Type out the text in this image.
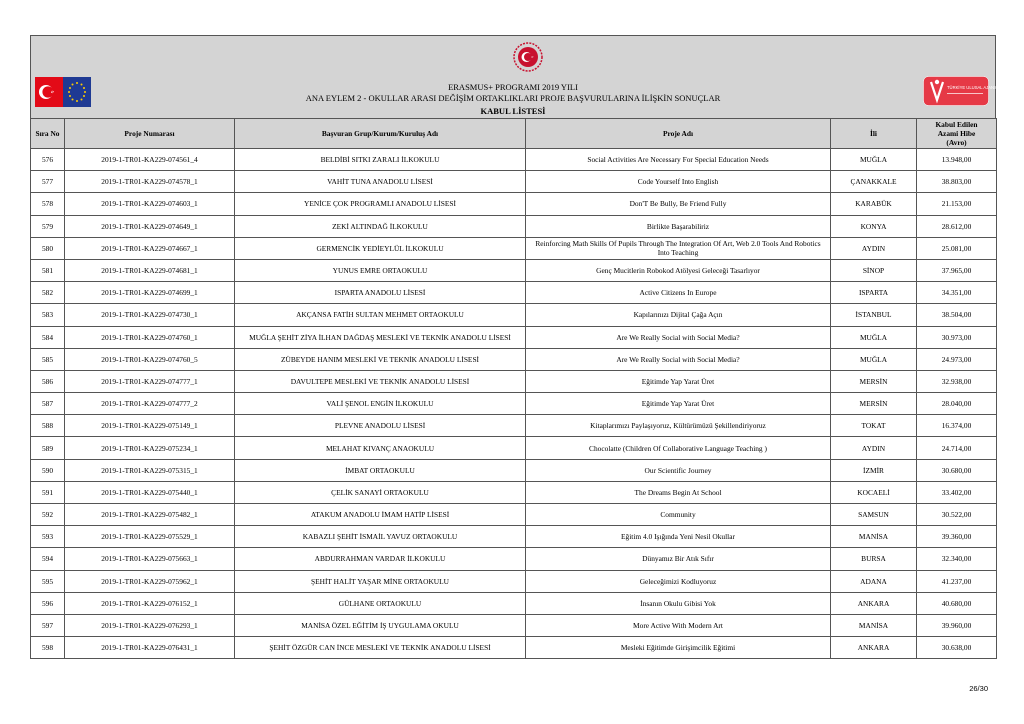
TÜRKİYE ULUSAL AJANSI
ERASMUS+ PROGRAMI 2019 YILI
ANA EYLEM 2 - OKULLAR ARASI DEĞİŞİM ORTAKLIKLARI PROJE BAŞVURULARINA İLİŞKİN SONUÇLAR
KABUL LİSTESİ
Sıra No	Proje Numarası	Başvuran Grup/Kurum/Kuruluş Adı	Proje Adı	İli	Kabul Edilen
Azami Hibe
(Avro)

576	2019-1-TR01-KA229-074561_4	BELDİBİ SITKI ZARALI İLKOKULU	Social Activities Are Necessary For Special Education Needs	MUĞLA	13.948,00
577	2019-1-TR01-KA229-074578_1	VAHİT TUNA ANADOLU LİSESİ	Code Yourself Into English	ÇANAKKALE	38.803,00
578	2019-1-TR01-KA229-074603_1	YENİCE ÇOK PROGRAMLI ANADOLU LİSESİ	Don'T Be Bully, Be Friend Fully	KARABÜK	21.153,00
579	2019-1-TR01-KA229-074649_1	ZEKİ ALTINDAĞ İLKOKULU	Birlikte Başarabiliriz	KONYA	28.612,00
580	2019-1-TR01-KA229-074667_1	GERMENCİK YEDİEYLÜL İLKOKULU	Reinforcing Math Skills Of Pupils Through The Integration Of Art, Web 2.0 Tools And Robotics Into Teaching	AYDIN	25.081,00
581	2019-1-TR01-KA229-074681_1	YUNUS EMRE ORTAOKULU	Genç Mucitlerin Robokod Atölyesi Geleceği Tasarlıyor	SİNOP	37.965,00
582	2019-1-TR01-KA229-074699_1	ISPARTA ANADOLU LİSESİ	Active Citizens In Europe	ISPARTA	34.351,00
583	2019-1-TR01-KA229-074730_1	AKÇANSA FATİH SULTAN MEHMET ORTAOKULU	Kapılarınızı Dijital Çağa Açın	İSTANBUL	38.504,00
584	2019-1-TR01-KA229-074760_1	MUĞLA ŞEHİT ZİYA İLHAN DAĞDAŞ MESLEKİ VE TEKNİK ANADOLU LİSESİ	Are We Really Social with Social Media?	MUĞLA	30.973,00
585	2019-1-TR01-KA229-074760_5	ZÜBEYDE HANIM MESLEKİ VE TEKNİK ANADOLU LİSESİ	Are We Really Social with Social Media?	MUĞLA	24.973,00
586	2019-1-TR01-KA229-074777_1	DAVULTEPE MESLEKİ VE TEKNİK ANADOLU LİSESİ	Eğitimde Yap Yarat Üret	MERSİN	32.938,00
587	2019-1-TR01-KA229-074777_2	VALİ ŞENOL ENGİN İLKOKULU	Eğitimde Yap Yarat Üret	MERSİN	28.040,00
588	2019-1-TR01-KA229-075149_1	PLEVNE ANADOLU LİSESİ	Kitaplarımızı Paylaşıyoruz, Kültürümüzü Şekillendiriyoruz	TOKAT	16.374,00
589	2019-1-TR01-KA229-075234_1	MELAHAT KIVANÇ ANAOKULU	Chocolatte (Children Of Collaborative Language Teaching )	AYDIN	24.714,00
590	2019-1-TR01-KA229-075315_1	İMBAT ORTAOKULU	Our Scientific Journey	İZMİR	30.680,00
591	2019-1-TR01-KA229-075440_1	ÇELİK SANAYİ ORTAOKULU	The Dreams Begin At School	KOCAELİ	33.402,00
592	2019-1-TR01-KA229-075482_1	ATAKUM ANADOLU İMAM HATİP LİSESİ	Community	SAMSUN	30.522,00
593	2019-1-TR01-KA229-075529_1	KABAZLI ŞEHİT İSMAİL YAVUZ ORTAOKULU	Eğitim 4.0 Işığında Yeni Nesil Okullar	MANİSA	39.360,00
594	2019-1-TR01-KA229-075663_1	ABDURRAHMAN VARDAR İLKOKULU	Dünyamız Bir Atık Sıfır	BURSA	32.340,00
595	2019-1-TR01-KA229-075962_1	ŞEHİT HALİT YAŞAR MİNE ORTAOKULU	Geleceğimizi Kodluyoruz	ADANA	41.237,00
596	2019-1-TR01-KA229-076152_1	GÜLHANE ORTAOKULU	İnsanın Okulu Gibisi Yok	ANKARA	40.680,00
597	2019-1-TR01-KA229-076293_1	MANİSA ÖZEL EĞİTİM İŞ UYGULAMA OKULU	More Active With Modern Art	MANİSA	39.960,00
598	2019-1-TR01-KA229-076431_1	ŞEHİT ÖZGÜR CAN İNCE MESLEKİ VE TEKNİK ANADOLU LİSESİ	Mesleki Eğitimde Girişimcilik Eğitimi	ANKARA	30.638,00
26/30
